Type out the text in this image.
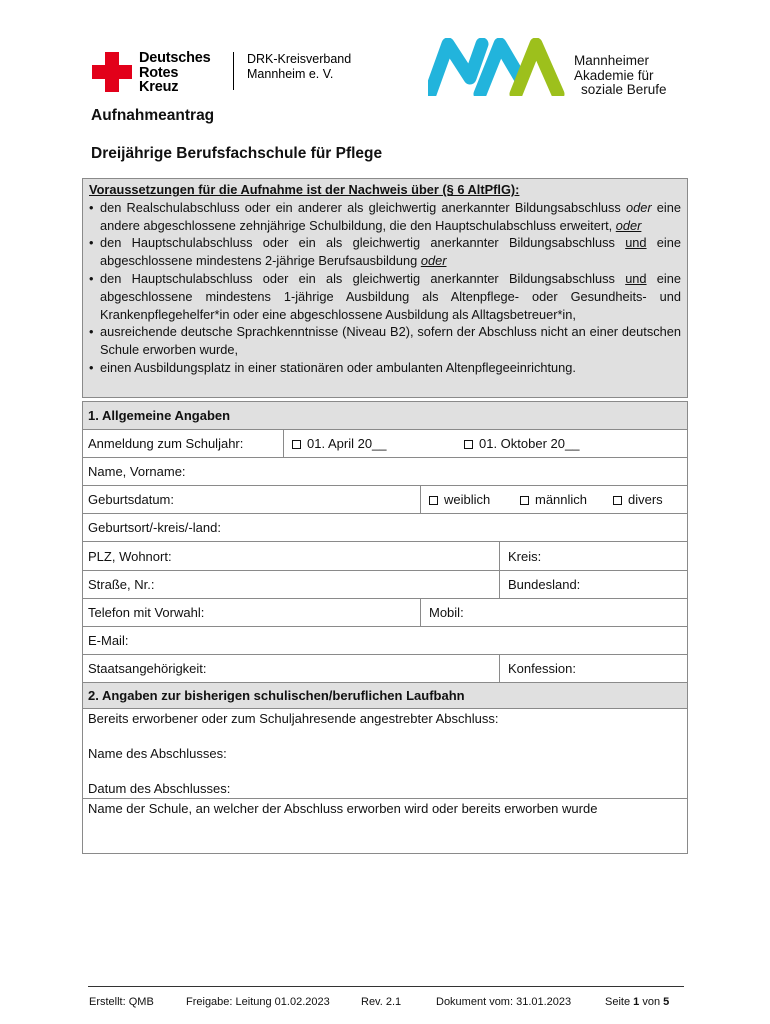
Deutsches
Rotes
Kreuz
DRK-Kreisverband
Mannheim e. V.
Mannheimer
Akademie für
soziale Berufe
Aufnahmeantrag
Dreijährige Berufsfachschule für Pflege
Voraussetzungen für die Aufnahme ist der Nachweis über (§ 6 AltPflG):
• den Realschulabschluss oder ein anderer als gleichwertig anerkannter Bildungsabschluss oder eine andere abgeschlossene zehnjährige Schulbildung, die den Hauptschulabschluss erweitert, oder
• den Hauptschulabschluss oder ein als gleichwertig anerkannter Bildungsabschluss und eine abgeschlossene mindestens 2-jährige Berufsausbildung oder
• den Hauptschulabschluss oder ein als gleichwertig anerkannter Bildungsabschluss und eine abgeschlossene mindestens 1-jährige Ausbildung als Altenpflege- oder Gesundheits- und Krankenpflegehelfer*in oder eine abgeschlossene Ausbildung als Alltagsbetreuer*in,
• ausreichende deutsche Sprachkenntnisse (Niveau B2), sofern der Abschluss nicht an einer deutschen Schule erworben wurde,
• einen Ausbildungsplatz in einer stationären oder ambulanten Altenpflegeeinrichtung.
1. Allgemeine Angaben
Anmeldung zum Schuljahr:	01. April 20__	01. Oktober 20__
Name, Vorname:
Geburtsdatum:	weiblich	männlich	divers
Geburtsort/-kreis/-land:
PLZ, Wohnort:	Kreis:
Straße, Nr.:	Bundesland:
Telefon mit Vorwahl:	Mobil:
E-Mail:
Staatsangehörigkeit:	Konfession:
2. Angaben zur bisherigen schulischen/beruflichen Laufbahn
Bereits erworbener oder zum Schuljahresende angestrebter Abschluss:
Name des Abschlusses:
Datum des Abschlusses:
Name der Schule, an welcher der Abschluss erworben wird oder bereits erworben wurde
Erstellt: QMB	Freigabe: Leitung 01.02.2023	Rev. 2.1	Dokument vom: 31.01.2023	Seite 1 von 5
